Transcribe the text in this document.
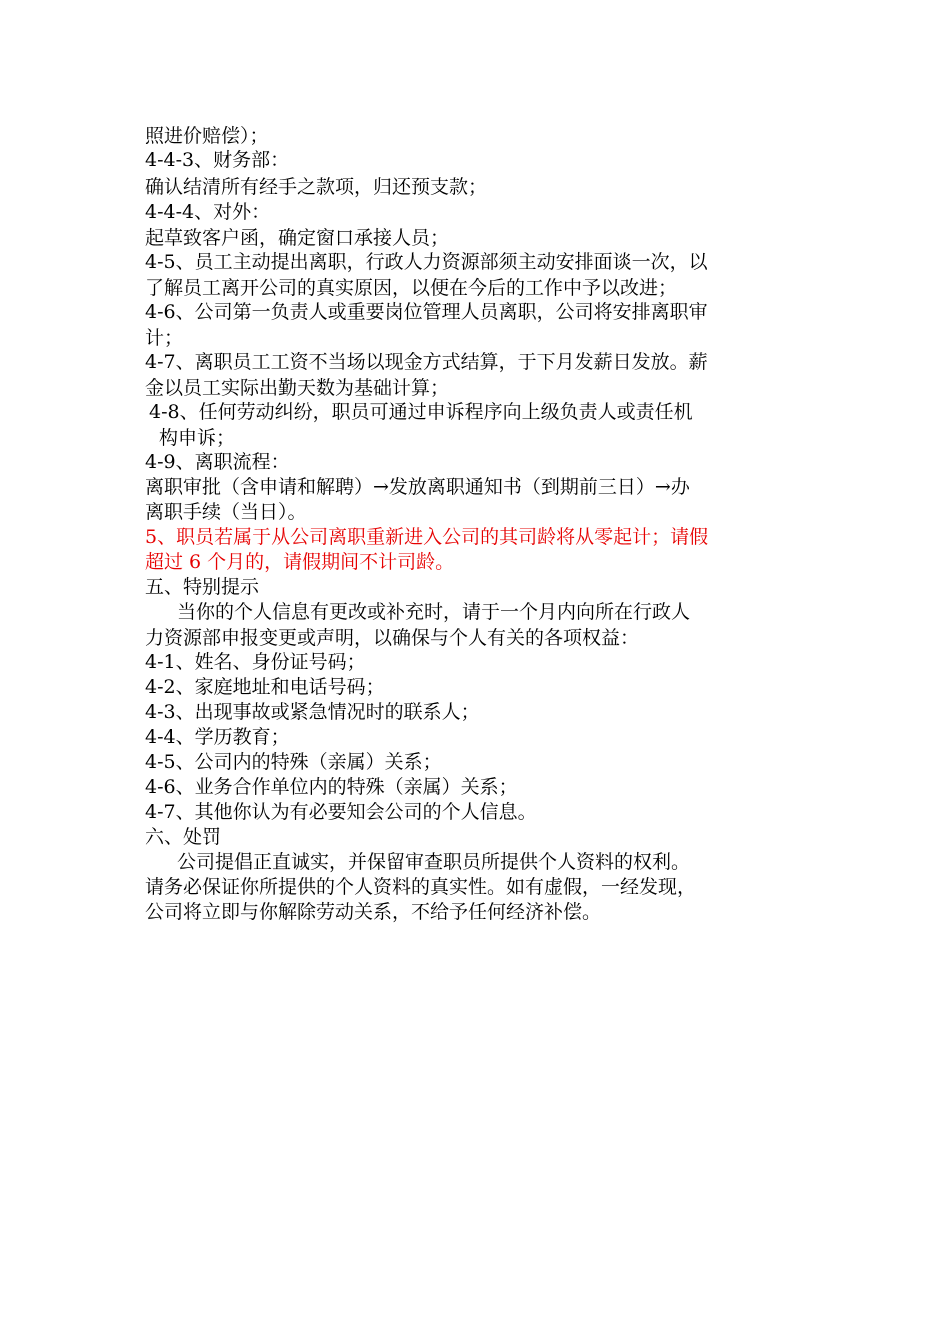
照进价赔偿）；
4-4-3、财务部：
确认结清所有经手之款项，归还预支款；
4-4-4、对外：
起草致客户函，确定窗口承接人员；
4-5、员工主动提出离职，行政人力资源部须主动安排面谈一次，以
了解员工离开公司的真实原因，以便在今后的工作中予以改进；
4-6、公司第一负责人或重要岗位管理人员离职，公司将安排离职审
计；
4-7、离职员工工资不当场以现金方式结算，于下月发薪日发放。薪
金以员工实际出勤天数为基础计算；
4-8、任何劳动纠纷，职员可通过申诉程序向上级负责人或责任机
构申诉；
4-9、离职流程：
离职审批（含申请和解聘）→发放离职通知书（到期前三日）→办
离职手续（当日）。
5、职员若属于从公司离职重新进入公司的其司龄将从零起计；请假
超过 6 个月的，请假期间不计司龄。
五、特别提示
当你的个人信息有更改或补充时，请于一个月内向所在行政人
力资源部申报变更或声明，以确保与个人有关的各项权益：
4-1、姓名、身份证号码；
4-2、家庭地址和电话号码；
4-3、出现事故或紧急情况时的联系人；
4-4、学历教育；
4-5、公司内的特殊（亲属）关系；
4-6、业务合作单位内的特殊（亲属）关系；
4-7、其他你认为有必要知会公司的个人信息。
六、处罚
公司提倡正直诚实，并保留审查职员所提供个人资料的权利。
请务必保证你所提供的个人资料的真实性。如有虚假，一经发现，
公司将立即与你解除劳动关系，不给予任何经济补偿。
